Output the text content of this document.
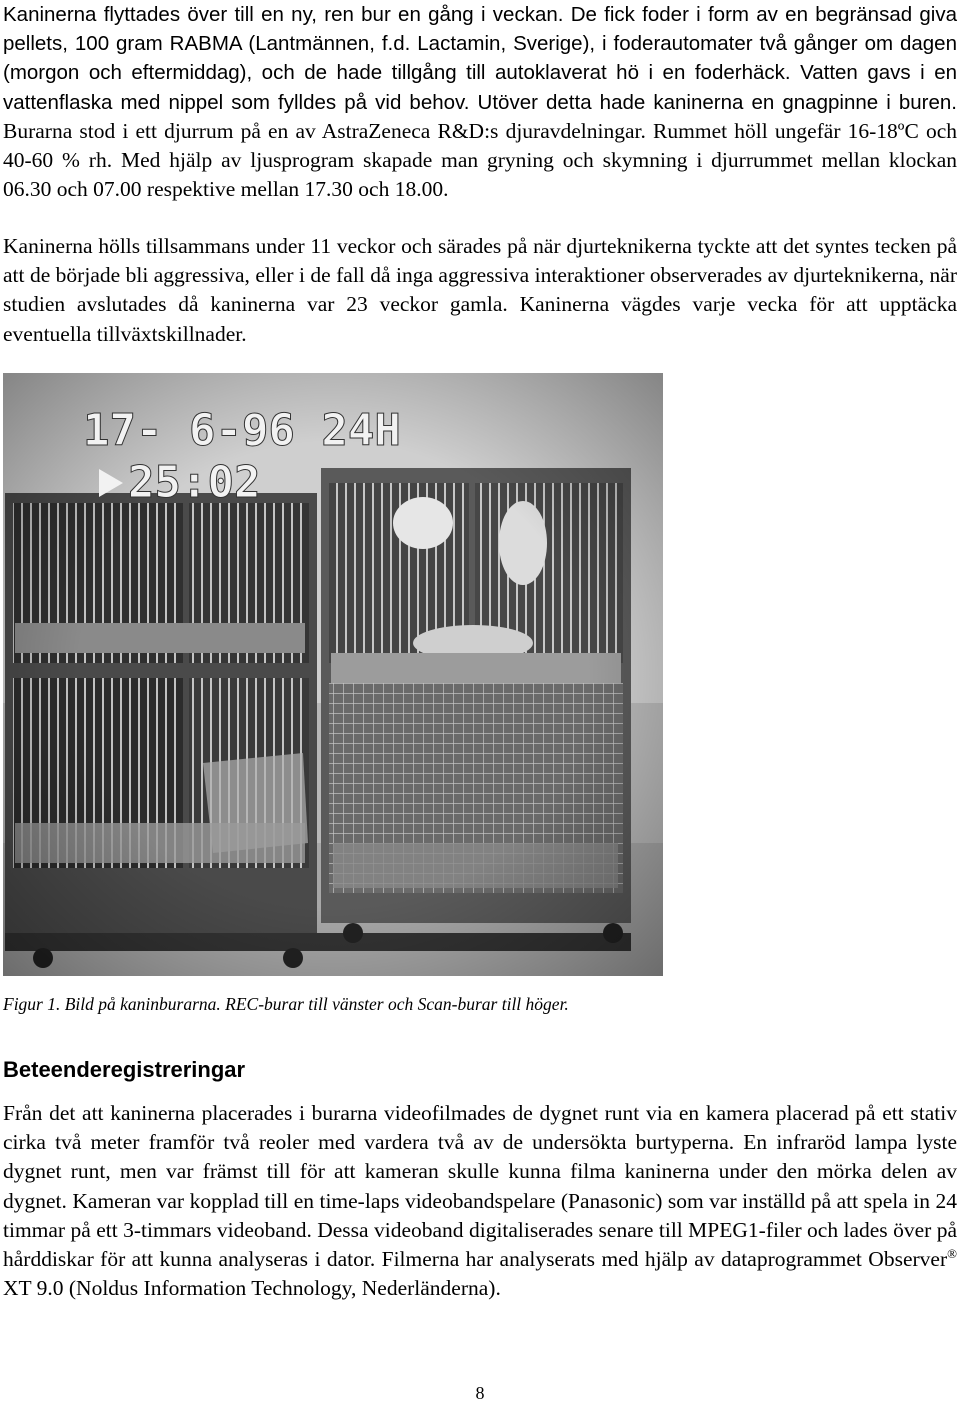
Kaninerna flyttades över till en ny, ren bur en gång i veckan. De fick foder i form av en begränsad giva pellets, 100 gram RABMA (Lantmännen, f.d. Lactamin, Sverige), i foderautomater två gånger om dagen (morgon och eftermiddag), och de hade tillgång till autoklaverat hö i en foderhäck. Vatten gavs i en vattenflaska med nippel som fylldes på vid behov. Utöver detta hade kaninerna en gnagpinne i buren. Burarna stod i ett djurrum på en av AstraZeneca R&D:s djuravdelningar. Rummet höll ungefär 16-18ºC och 40-60 % rh. Med hjälp av ljusprogram skapade man gryning och skymning i djurrummet mellan klockan 06.30 och 07.00 respektive mellan 17.30 och 18.00.

Kaninerna hölls tillsammans under 11 veckor och särades på när djurteknikerna tyckte att det syntes tecken på att de började bli aggressiva, eller i de fall då inga aggressiva interaktioner observerades av djurteknikerna, när studien avslutades då kaninerna var 23 veckor gamla. Kaninerna vägdes varje vecka för att upptäcka eventuella tillväxtskillnader.

17- 6-96 24H
25:02

Figur 1. Bild på kaninburarna. REC-burar till vänster och Scan-burar till höger.

Beteenderegistreringar

Från det att kaninerna placerades i burarna videofilmades de dygnet runt via en kamera placerad på ett stativ cirka två meter framför två reoler med vardera två av de undersökta burtyperna. En infraröd lampa lyste dygnet runt, men var främst till för att kameran skulle kunna filma kaninerna under den mörka delen av dygnet. Kameran var kopplad till en time-laps videobandspelare (Panasonic) som var inställd på att spela in 24 timmar på ett 3-timmars videoband. Dessa videoband digitaliserades senare till MPEG1-filer och lades över på hårddiskar för att kunna analyseras i dator. Filmerna har analyserats med hjälp av dataprogrammet Observer® XT 9.0 (Noldus Information Technology, Nederländerna).

8
